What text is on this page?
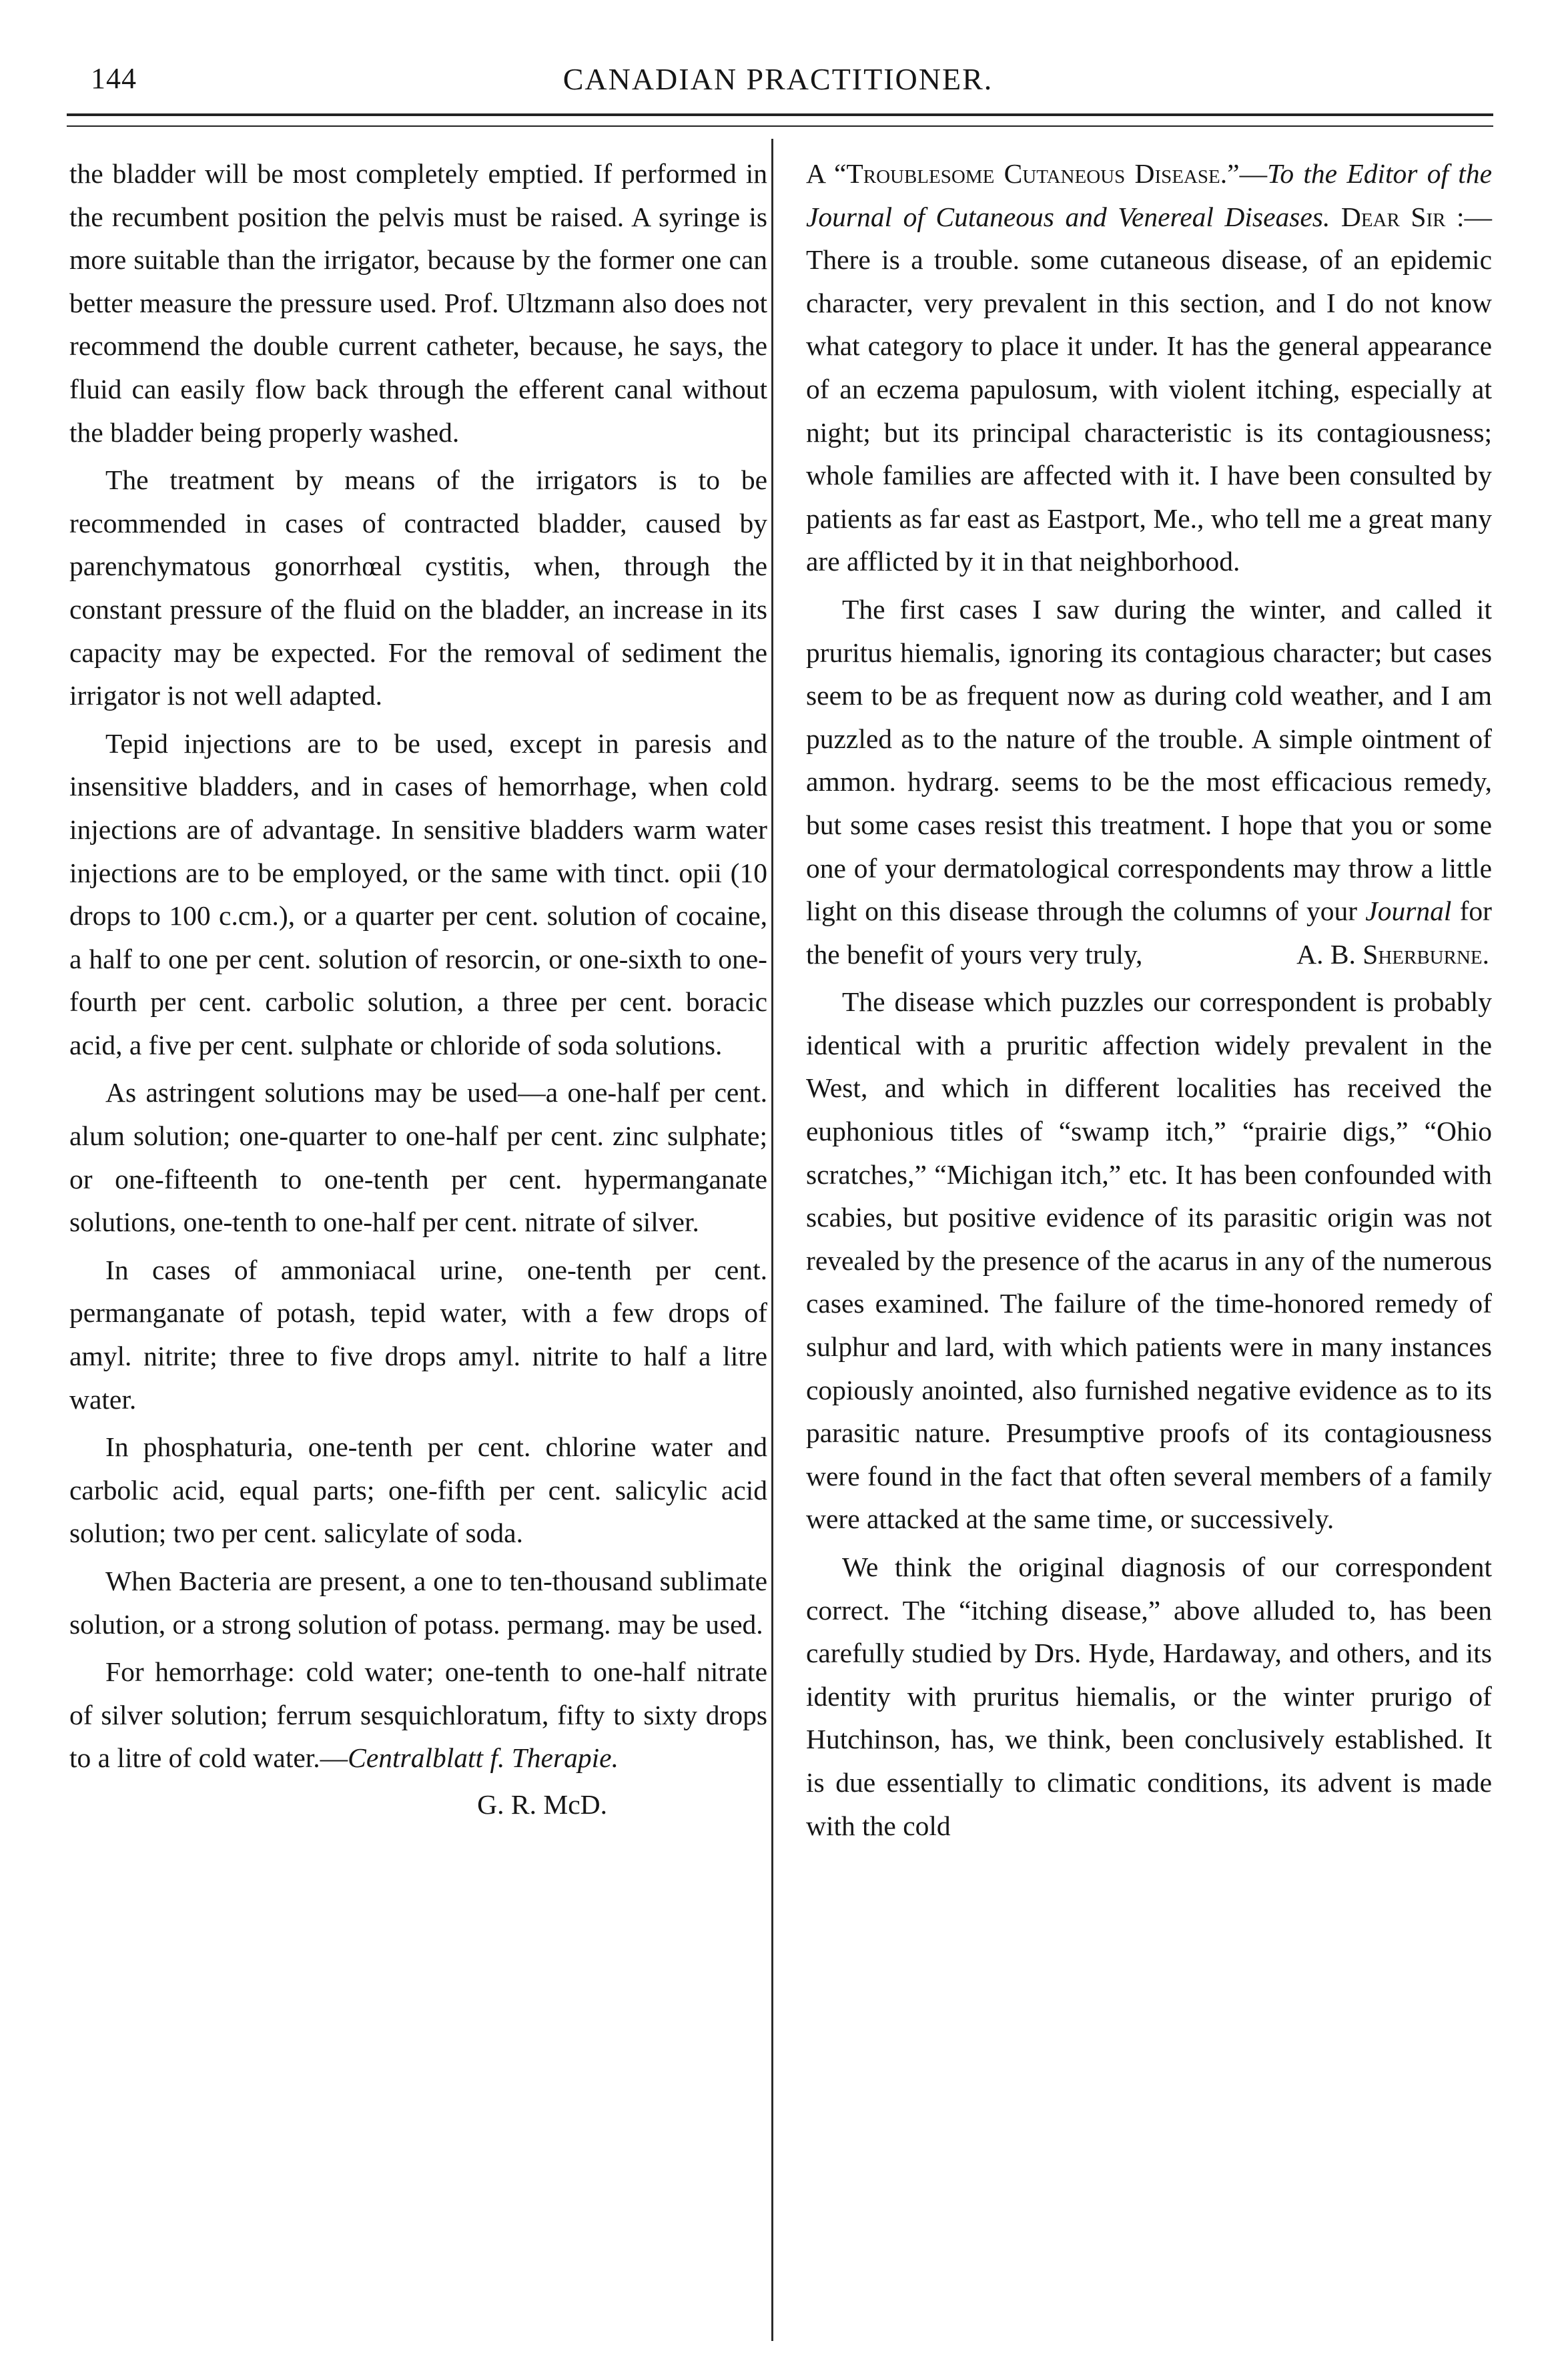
144	CANADIAN PRACTITIONER.

the bladder will be most completely emptied. If performed in the recumbent position the pelvis must be raised. A syringe is more suitable than the irrigator, because by the former one can better measure the pressure used. Prof. Ultzmann also does not recommend the double current catheter, because, he says, the fluid can easily flow back through the efferent canal without the bladder being properly washed.

The treatment by means of the irrigators is to be recommended in cases of contracted bladder, caused by parenchymatous gonorrhœal cystitis, when, through the constant pressure of the fluid on the bladder, an increase in its capacity may be expected. For the removal of sediment the irrigator is not well adapted.

Tepid injections are to be used, except in paresis and insensitive bladders, and in cases of hemorrhage, when cold injections are of advantage. In sensitive bladders warm water injections are to be employed, or the same with tinct. opii (10 drops to 100 c.cm.), or a quarter per cent. solution of cocaine, a half to one per cent. solution of resorcin, or one-sixth to one-fourth per cent. carbolic solution, a three per cent. boracic acid, a five per cent. sulphate or chloride of soda solutions.

As astringent solutions may be used—a one-half per cent. alum solution; one-quarter to one-half per cent. zinc sulphate; or one-fifteenth to one-tenth per cent. hypermanganate solutions, one-tenth to one-half per cent. nitrate of silver.

In cases of ammoniacal urine, one-tenth per cent. permanganate of potash, tepid water, with a few drops of amyl. nitrite; three to five drops amyl. nitrite to half a litre water.

In phosphaturia, one-tenth per cent. chlorine water and carbolic acid, equal parts; one-fifth per cent. salicylic acid solution; two per cent. salicylate of soda.

When Bacteria are present, a one to ten-thousand sublimate solution, or a strong solution of potass. permang. may be used.

For hemorrhage: cold water; one-tenth to one-half nitrate of silver solution; ferrum sesquichloratum, fifty to sixty drops to a litre of cold water.—Centralblatt f. Therapie.

G. R. McD.

A “Troublesome Cutaneous Disease.”—To the Editor of the Journal of Cutaneous and Venereal Diseases. Dear Sir :—There is a trouble. some cutaneous disease, of an epidemic character, very prevalent in this section, and I do not know what category to place it under. It has the general appearance of an eczema papulosum, with violent itching, especially at night; but its principal characteristic is its contagiousness; whole families are affected with it. I have been consulted by patients as far east as Eastport, Me., who tell me a great many are afflicted by it in that neighborhood.

The first cases I saw during the winter, and called it pruritus hiemalis, ignoring its contagious character; but cases seem to be as frequent now as during cold weather, and I am puzzled as to the nature of the trouble. A simple ointment of ammon. hydrarg. seems to be the most efficacious remedy, but some cases resist this treatment. I hope that you or some one of your dermatological correspondents may throw a little light on this disease through the columns of your Journal for the benefit of yours very truly,	A. B. Sherburne.

The disease which puzzles our correspondent is probably identical with a pruritic affection widely prevalent in the West, and which in different localities has received the euphonious titles of “swamp itch,” “prairie digs,” “Ohio scratches,” “Michigan itch,” etc. It has been confounded with scabies, but positive evidence of its parasitic origin was not revealed by the presence of the acarus in any of the numerous cases examined. The failure of the time-honored remedy of sulphur and lard, with which patients were in many instances copiously anointed, also furnished negative evidence as to its parasitic nature. Presumptive proofs of its contagiousness were found in the fact that often several members of a family were attacked at the same time, or successively.

We think the original diagnosis of our correspondent correct. The “itching disease,” above alluded to, has been carefully studied by Drs. Hyde, Hardaway, and others, and its identity with pruritus hiemalis, or the winter prurigo of Hutchinson, has, we think, been conclusively established. It is due essentially to climatic conditions, its advent is made with the cold
